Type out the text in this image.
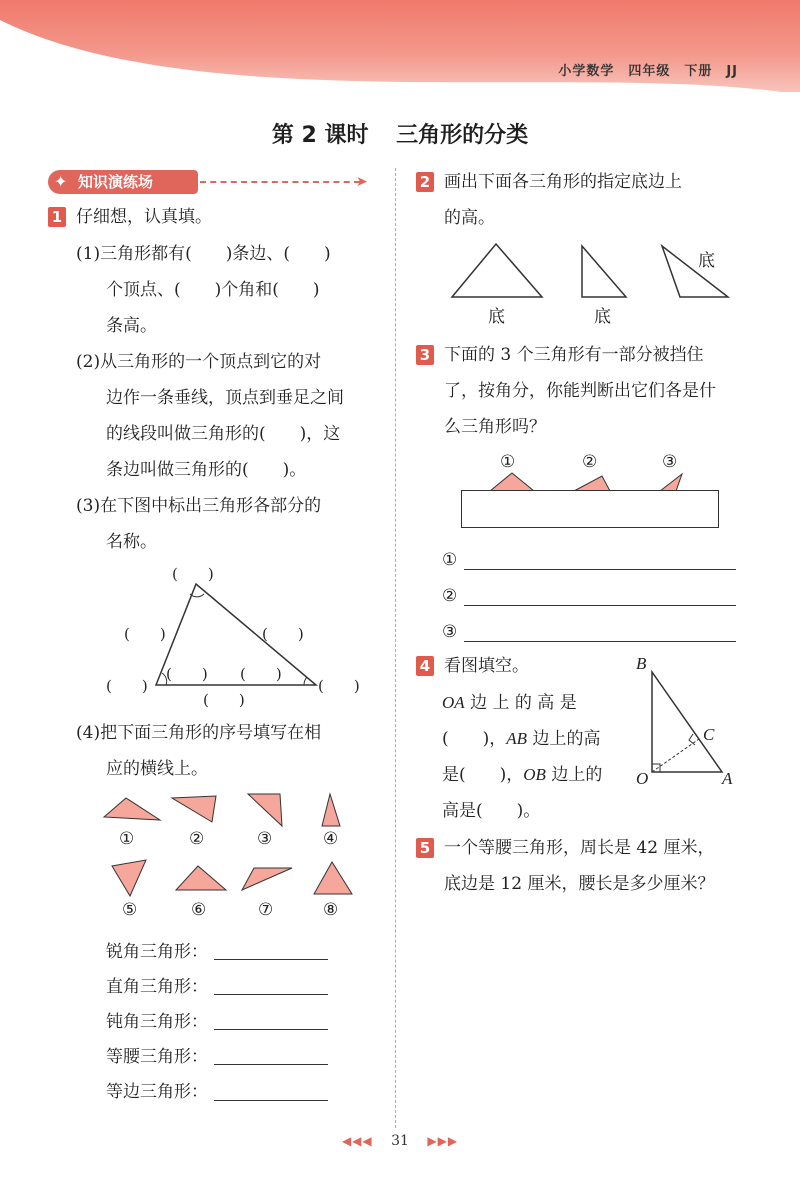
小学数学　四年级　下册　JJ
第 2 课时 三角形的分类
✦ 知识演练场	➤
1 仔细想，认真填。
(1)三角形都有(　　)条边、(　　)
个顶点、(　　)个角和(　　)
条高。
(2)从三角形的一个顶点到它的对
边作一条垂线，顶点到垂足之间
的线段叫做三角形的(　　)，这
条边叫做三角形的(　　)。
(3)在下图中标出三角形各部分的
名称。
(　　)
(　　)	(　　)
(　　) (　　)
(　　)	(　　)
(　　)
(4)把下面三角形的序号填写在相
应的横线上。
①	②	③	④
⑤	⑥	⑦	⑧
锐角三角形：
直角三角形：
钝角三角形：
等腰三角形：
等边三角形：
2 画出下面各三角形的指定底边上
的高。
底	底
底
3 下面的 3 个三角形有一部分被挡住
了，按角分，你能判断出它们各是什
么三角形吗？
①	②	③
①
②
③
4 看图填空。
OA 边 上 的 高 是
(　　)，AB 边上的高
是(　　)，OB 边上的
高是(　　)。
B
C
O	A
5 一个等腰三角形，周长是 42 厘米，
底边是 12 厘米，腰长是多少厘米？
◀◀◀ 31 ▶▶▶
